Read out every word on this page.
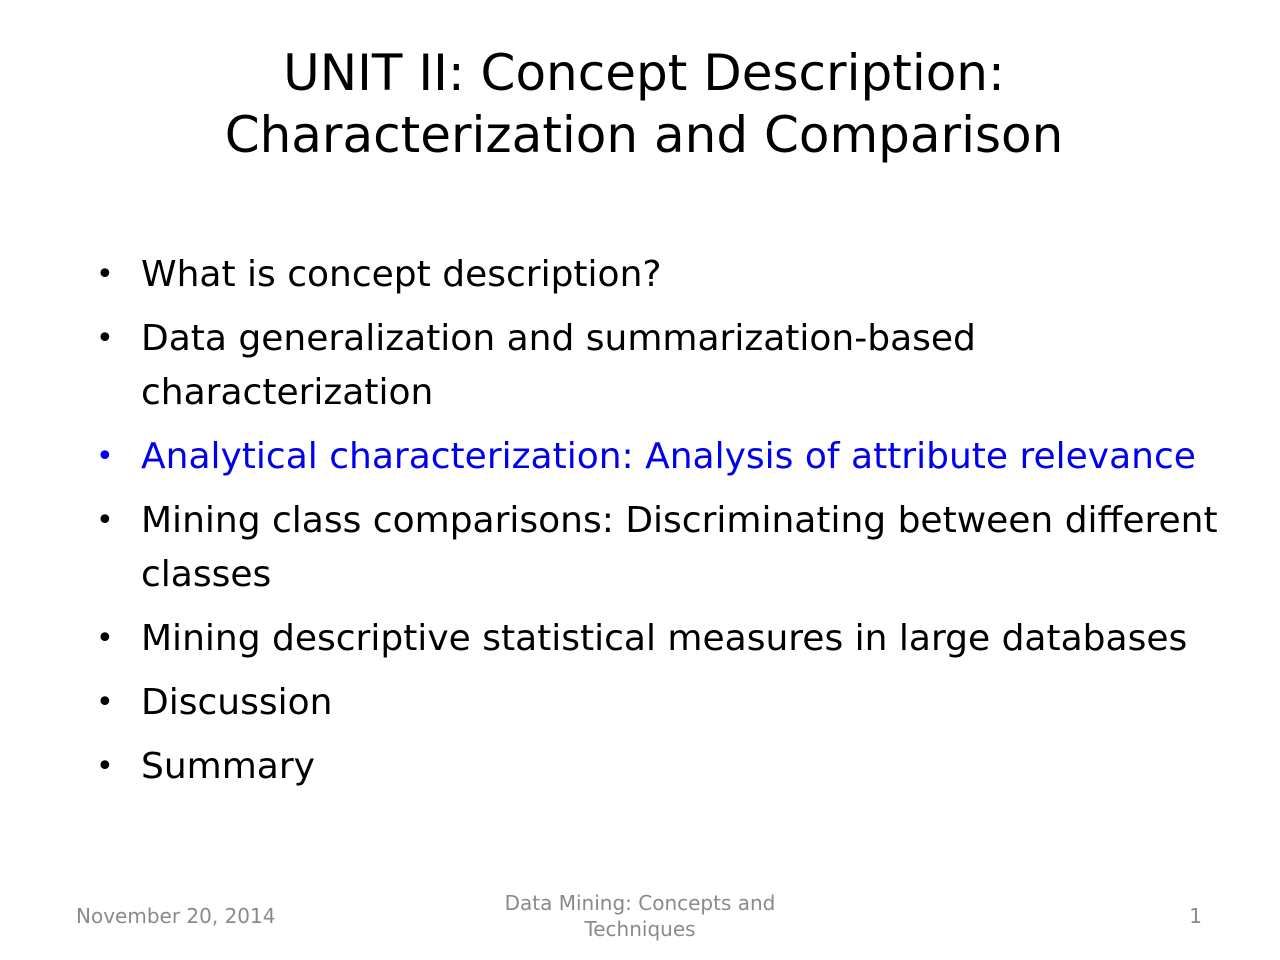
UNIT II: Concept Description:
Characterization and Comparison
• What is concept description?
• Data generalization and summarization-based characterization
• Analytical characterization: Analysis of attribute relevance
• Mining class comparisons: Discriminating between different classes
• Mining descriptive statistical measures in large databases
• Discussion
• Summary
November 20, 2014
Data Mining: Concepts and Techniques
1
